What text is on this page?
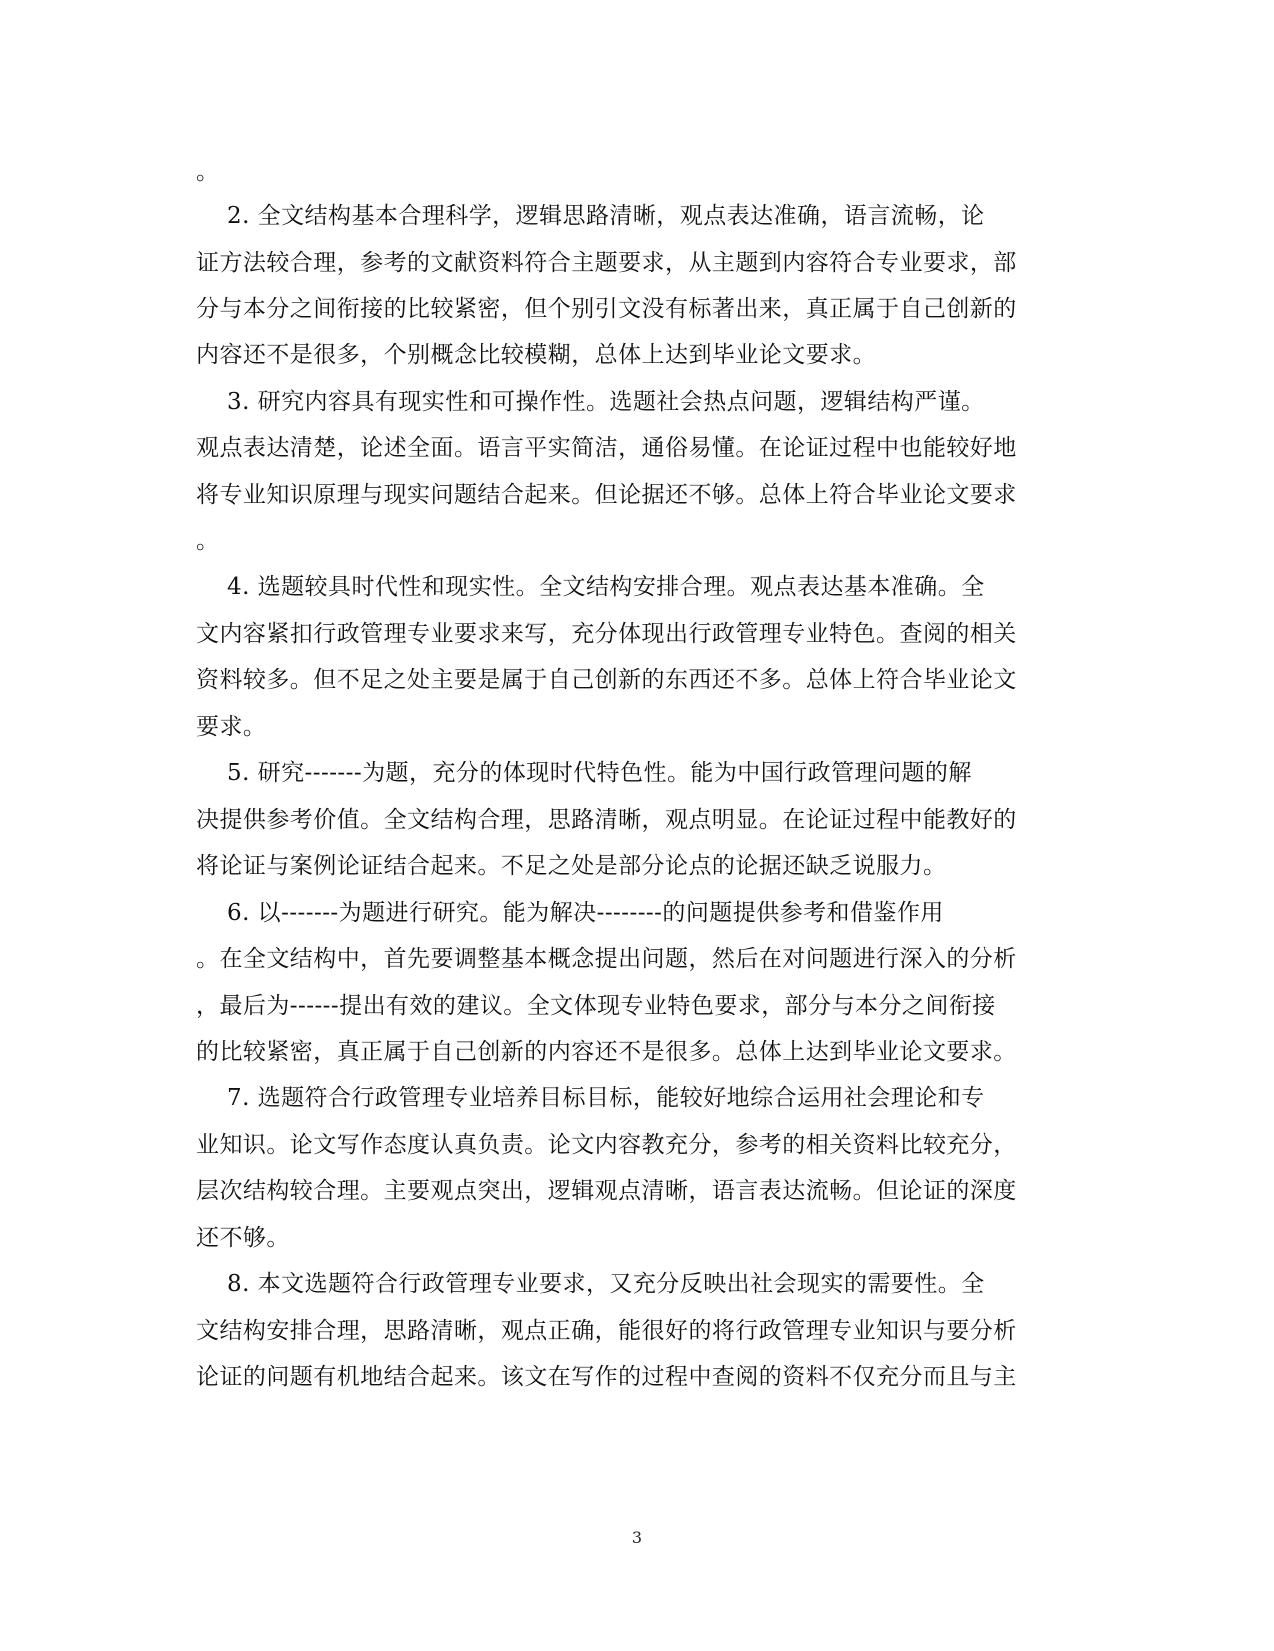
。
2. 全文结构基本合理科学，逻辑思路清晰，观点表达准确，语言流畅，论
证方法较合理，参考的文献资料符合主题要求，从主题到内容符合专业要求，部
分与本分之间衔接的比较紧密，但个别引文没有标著出来，真正属于自己创新的
内容还不是很多，个别概念比较模糊，总体上达到毕业论文要求。
3. 研究内容具有现实性和可操作性。选题社会热点问题，逻辑结构严谨。
观点表达清楚，论述全面。语言平实简洁，通俗易懂。在论证过程中也能较好地
将专业知识原理与现实问题结合起来。但论据还不够。总体上符合毕业论文要求
。
4. 选题较具时代性和现实性。全文结构安排合理。观点表达基本准确。全
文内容紧扣行政管理专业要求来写，充分体现出行政管理专业特色。查阅的相关
资料较多。但不足之处主要是属于自己创新的东西还不多。总体上符合毕业论文
要求。
5. 研究-------为题，充分的体现时代特色性。能为中国行政管理问题的解
决提供参考价值。全文结构合理，思路清晰，观点明显。在论证过程中能教好的
将论证与案例论证结合起来。不足之处是部分论点的论据还缺乏说服力。
6. 以-------为题进行研究。能为解决--------的问题提供参考和借鉴作用
。在全文结构中，首先要调整基本概念提出问题，然后在对问题进行深入的分析
，最后为------提出有效的建议。全文体现专业特色要求，部分与本分之间衔接
的比较紧密，真正属于自己创新的内容还不是很多。总体上达到毕业论文要求。
7. 选题符合行政管理专业培养目标目标，能较好地综合运用社会理论和专
业知识。论文写作态度认真负责。论文内容教充分，参考的相关资料比较充分，
层次结构较合理。主要观点突出，逻辑观点清晰，语言表达流畅。但论证的深度
还不够。
8. 本文选题符合行政管理专业要求，又充分反映出社会现实的需要性。全
文结构安排合理，思路清晰，观点正确，能很好的将行政管理专业知识与要分析
论证的问题有机地结合起来。该文在写作的过程中查阅的资料不仅充分而且与主
3
